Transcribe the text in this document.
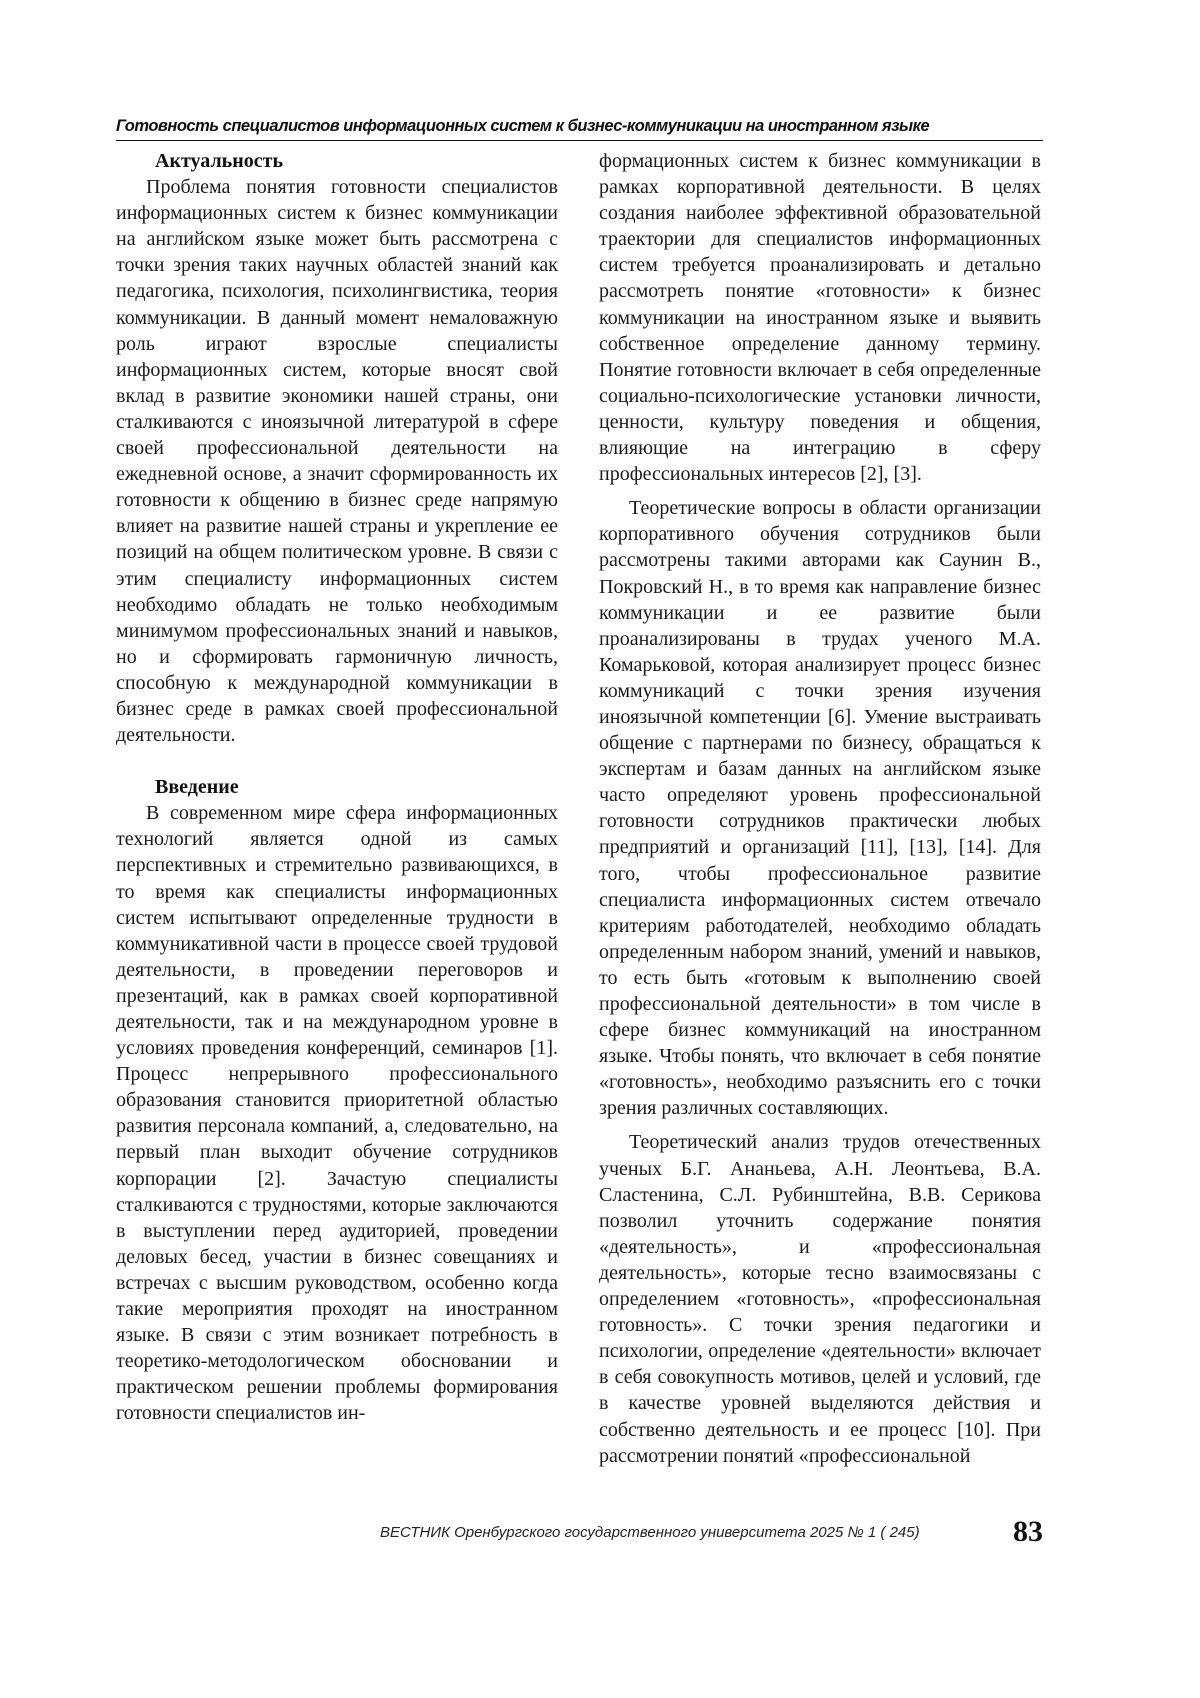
Готовность специалистов информационных систем к бизнес-коммуникации на иностранном языке
Актуальность

Проблема понятия готовности специалистов информационных систем к бизнес коммуникации на английском языке может быть рассмотрена с точки зрения таких научных областей знаний как педагогика, психология, психолингвистика, теория коммуникации. В данный момент немаловажную роль играют взрослые специалисты информационных систем, которые вносят свой вклад в развитие экономики нашей страны, они сталкиваются с иноязычной литературой в сфере своей профессиональной деятельности на ежедневной основе, а значит сформированность их готовности к общению в бизнес среде напрямую влияет на развитие нашей страны и укрепление ее позиций на общем политическом уровне. В связи с этим специалисту информационных систем необходимо обладать не только необходимым минимумом профессиональных знаний и навыков, но и сформировать гармоничную личность, способную к международной коммуникации в бизнес среде в рамках своей профессиональной деятельности.

Введение

В современном мире сфера информационных технологий является одной из самых перспективных и стремительно развивающихся, в то время как специалисты информационных систем испытывают определенные трудности в коммуникативной части в процессе своей трудовой деятельности, в проведении переговоров и презентаций, как в рамках своей корпоративной деятельности, так и на международном уровне в условиях проведения конференций, семинаров [1]. Процесс непрерывного профессионального образования становится приоритетной областью развития персонала компаний, а, следовательно, на первый план выходит обучение сотрудников корпорации [2]. Зачастую специалисты сталкиваются с трудностями, которые заключаются в выступлении перед аудиторией, проведении деловых бесед, участии в бизнес совещаниях и встречах с высшим руководством, особенно когда такие мероприятия проходят на иностранном языке. В связи с этим возникает потребность в теоретико-методологическом обосновании и практическом решении проблемы формирования готовности специалистов ин-

формационных систем к бизнес коммуникации в рамках корпоративной деятельности. В целях создания наиболее эффективной образовательной траектории для специалистов информационных систем требуется проанализировать и детально рассмотреть понятие «готовности» к бизнес коммуникации на иностранном языке и выявить собственное определение данному термину. Понятие готовности включает в себя определенные социально-психологические установки личности, ценности, культуру поведения и общения, влияющие на интеграцию в сферу профессиональных интересов [2], [3].

Теоретические вопросы в области организации корпоративного обучения сотрудников были рассмотрены такими авторами как Саунин В., Покровский Н., в то время как направление бизнес коммуникации и ее развитие были проанализированы в трудах ученого М.А. Комарьковой, которая анализирует процесс бизнес коммуникаций с точки зрения изучения иноязычной компетенции [6]. Умение выстраивать общение с партнерами по бизнесу, обращаться к экспертам и базам данных на английском языке часто определяют уровень профессиональной готовности сотрудников практически любых предприятий и организаций [11], [13], [14]. Для того, чтобы профессиональное развитие специалиста информационных систем отвечало критериям работодателей, необходимо обладать определенным набором знаний, умений и навыков, то есть быть «готовым к выполнению своей профессиональной деятельности» в том числе в сфере бизнес коммуникаций на иностранном языке. Чтобы понять, что включает в себя понятие «готовность», необходимо разъяснить его с точки зрения различных составляющих.

Теоретический анализ трудов отечественных ученых Б.Г. Ананьева, А.Н. Леонтьева, В.А. Сластенина, С.Л. Рубинштейна, В.В. Серикова позволил уточнить содержание понятия «деятельность», и «профессиональная деятельность», которые тесно взаимосвязаны с определением «готовность», «профессиональная готовность». С точки зрения педагогики и психологии, определение «деятельности» включает в себя совокупность мотивов, целей и условий, где в качестве уровней выделяются действия и собственно деятельность и ее процесс [10]. При рассмотрении понятий «профессиональной

ВЕСТНИК Оренбургского государственного университета 2025 № 1 ( 245)	83
